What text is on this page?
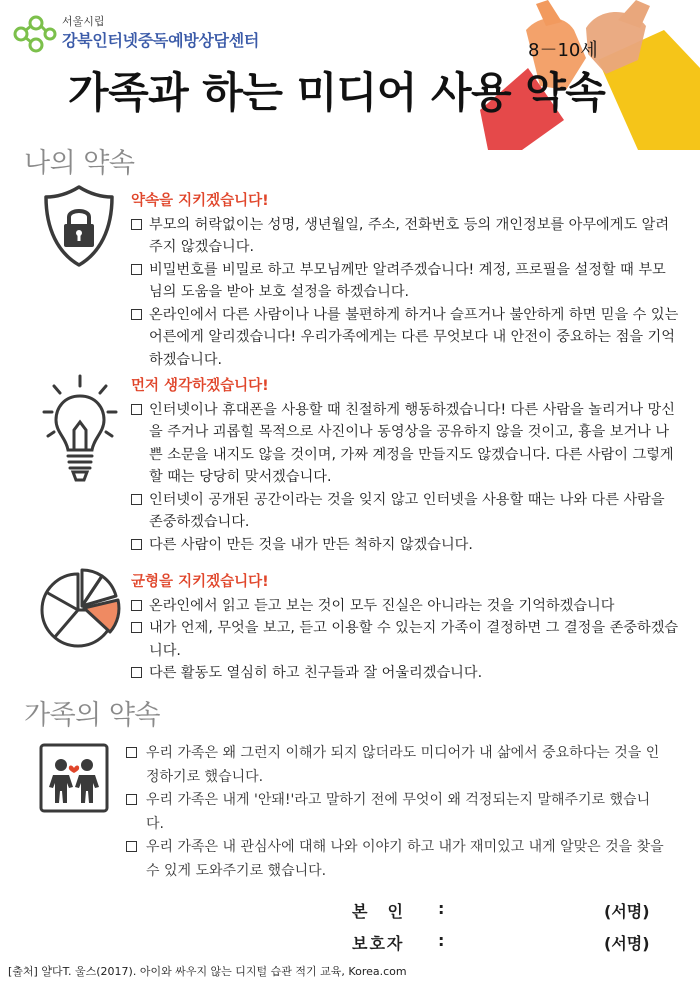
서울시립
강북인터넷중독예방상담센터	8－10세
가족과 하는 미디어 사용 약속
나의 약속
약속을 지키겠습니다!
부모의 허락없이는 성명, 생년월일, 주소, 전화번호 등의 개인정보를 아무에게도 알려주지 않겠습니다.
비밀번호를 비밀로 하고 부모님께만 알려주겠습니다! 계정, 프로필을 설정할 때 부모님의 도움을 받아 보호 설정을 하겠습니다.
온라인에서 다른 사람이나 나를 불편하게 하거나 슬프거나 불안하게 하면 믿을 수 있는 어른에게 알리겠습니다! 우리가족에게는 다른 무엇보다 내 안전이 중요하는 점을 기억하겠습니다.
먼저 생각하겠습니다!
인터넷이나 휴대폰을 사용할 때 친절하게 행동하겠습니다! 다른 사람을 놀리거나 망신을 주거나 괴롭힐 목적으로 사진이나 동영상을 공유하지 않을 것이고, 흉을 보거나 나쁜 소문을 내지도 않을 것이며, 가짜 계정을 만들지도 않겠습니다. 다른 사람이 그렇게 할 때는 당당히 맞서겠습니다.
인터넷이 공개된 공간이라는 것을 잊지 않고 인터넷을 사용할 때는 나와 다른 사람을 존중하겠습니다.
다른 사람이 만든 것을 내가 만든 척하지 않겠습니다.
균형을 지키겠습니다!
온라인에서 읽고 듣고 보는 것이 모두 진실은 아니라는 것을 기억하겠습니다
내가 언제, 무엇을 보고, 듣고 이용할 수 있는지 가족이 결정하면 그 결정을 존중하겠습니다.
다른 활동도 열심히 하고 친구들과 잘 어울리겠습니다.
가족의 약속
우리 가족은 왜 그런지 이해가 되지 않더라도 미디어가 내 삶에서 중요하다는 것을 인정하기로 했습니다.
우리 가족은 내게 '안돼!'라고 말하기 전에 무엇이 왜 걱정되는지 말해주기로 했습니다.
우리 가족은 내 관심사에 대해 나와 이야기 하고 내가 재미있고 내게 알맞은 것을 찾을 수 있게 도와주기로 했습니다.
본　인 :	(서명)
보호자 :	(서명)
[출처] 얄다T. 울스(2017). 아이와 싸우지 않는 디지털 습관 적기 교육, Korea.com
